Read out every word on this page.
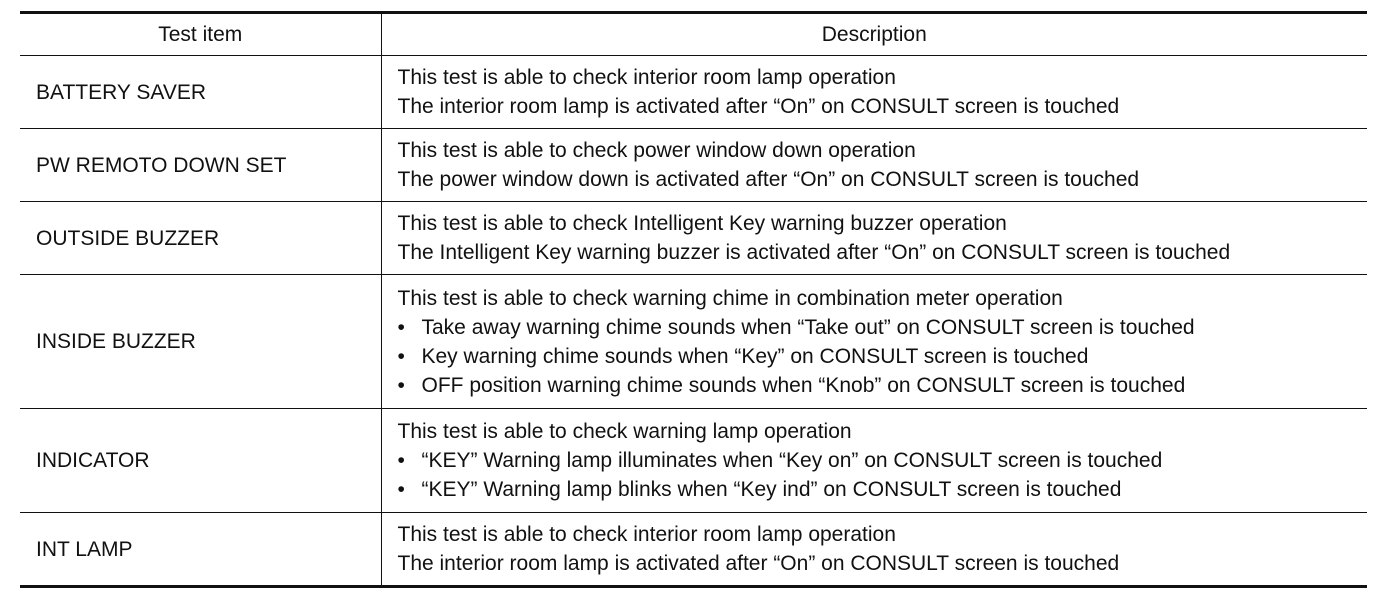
Test item	Description
BATTERY SAVER	This test is able to check interior room lamp operation
The interior room lamp is activated after “On” on CONSULT screen is touched

PW REMOTO DOWN SET	This test is able to check power window down operation
The power window down is activated after “On” on CONSULT screen is touched

OUTSIDE BUZZER	This test is able to check Intelligent Key warning buzzer operation
The Intelligent Key warning buzzer is activated after “On” on CONSULT screen is touched

INSIDE BUZZER	This test is able to check warning chime in combination meter operation
• Take away warning chime sounds when “Take out” on CONSULT screen is touched
• Key warning chime sounds when “Key” on CONSULT screen is touched
• OFF position warning chime sounds when “Knob” on CONSULT screen is touched

INDICATOR	This test is able to check warning lamp operation
• “KEY” Warning lamp illuminates when “Key on” on CONSULT screen is touched
• “KEY” Warning lamp blinks when “Key ind” on CONSULT screen is touched

INT LAMP	This test is able to check interior room lamp operation
The interior room lamp is activated after “On” on CONSULT screen is touched
